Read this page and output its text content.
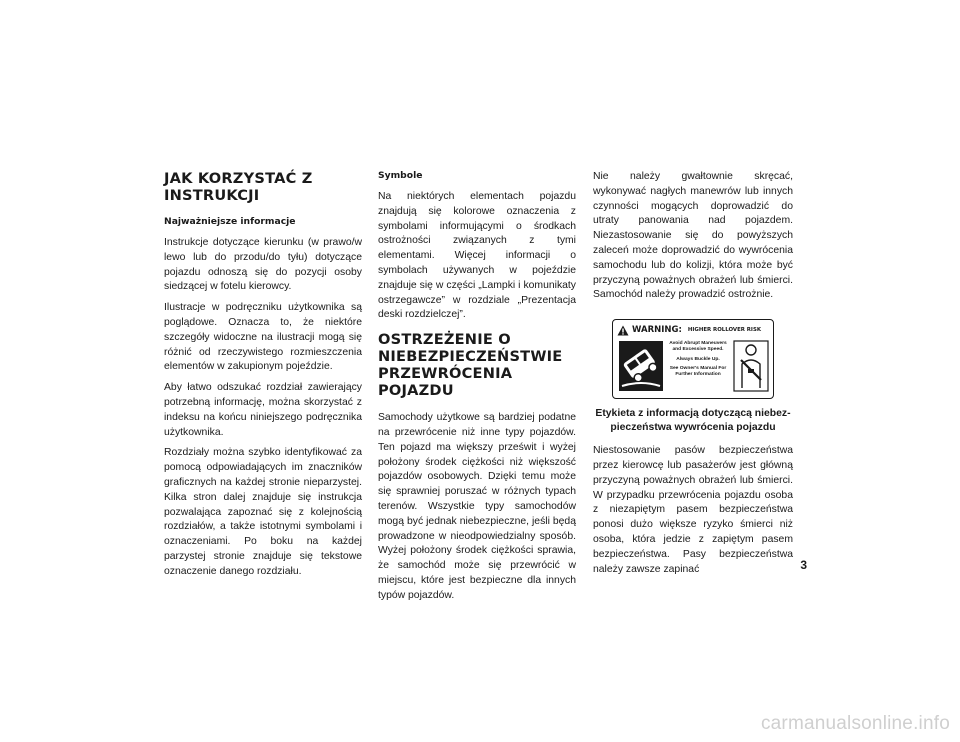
JAK KORZYSTAĆ Z INSTRUKCJI
Najważniejsze informacje

Instrukcje dotyczące kierunku (w prawo/w lewo lub do przodu/do tyłu) dotyczące pojazdu odnoszą się do pozycji osoby siedzącej w fotelu kierowcy.

Ilustracje w podręczniku użytkownika są poglądowe. Oznacza to, że niektóre szczegóły widoczne na ilustracji mogą się różnić od rzeczywistego rozmieszczenia elementów w zakupionym pojeździe.

Aby łatwo odszukać rozdział zawierający potrzebną informację, można skorzystać z indeksu na końcu niniejszego podręcznika użytkownika.

Rozdziały można szybko identyfikować za pomocą odpowiadających im znaczników graficznych na każdej stronie nieparzystej. Kilka stron dalej znajduje się instrukcja pozwalająca zapoznać się z kolejnością rozdziałów, a także istotnymi symbolami i oznaczeniami. Po boku na każdej parzystej stronie znajduje się tekstowe oznaczenie danego rozdziału.

Symbole

Na niektórych elementach pojazdu znajdują się kolorowe oznaczenia z symbolami informującymi o środkach ostrożności związanych z tymi elementami. Więcej informacji o symbolach używanych w pojeździe znajduje się w części „Lampki i komunikaty ostrzegawcze” w rozdziale „Prezentacja deski rozdzielczej”.

OSTRZEŻENIE O NIEBEZPIECZEŃSTWIE PRZEWRÓCENIA POJAZDU

Samochody użytkowe są bardziej podatne na przewrócenie niż inne typy pojazdów. Ten pojazd ma większy prześwit i wyżej położony środek ciężkości niż większość pojazdów osobowych. Dzięki temu może się sprawniej poruszać w różnych typach terenów. Wszystkie typy samochodów mogą być jednak niebezpieczne, jeśli będą prowadzone w nieodpowiedzialny sposób. Wyżej położony środek ciężkości sprawia, że samochód może się przewrócić w miejscu, które jest bezpieczne dla innych typów pojazdów.

Nie należy gwałtownie skręcać, wykonywać nagłych manewrów lub innych czynności mogących doprowadzić do utraty panowania nad pojazdem. Niezastosowanie się do powyższych zaleceń może doprowadzić do wywrócenia samochodu lub do kolizji, która może być przyczyną poważnych obrażeń lub śmierci. Samochód należy prowadzić ostrożnie.

WARNING: HIGHER ROLLOVER RISK
Avoid Abrupt Maneuvers and Excessive Speed.
Always Buckle Up.
See Owner's Manual For Further Information
Etykieta z informacją dotyczącą niebezpieczeństwa wywrócenia pojazdu

Niestosowanie pasów bezpieczeństwa przez kierowcę lub pasażerów jest główną przyczyną poważnych obrażeń lub śmierci. W przypadku przewrócenia pojazdu osoba z niezapiętym pasem bezpieczeństwa ponosi dużo większe ryzyko śmierci niż osoba, która jedzie z zapiętym pasem bezpieczeństwa. Pasy bezpieczeństwa należy zawsze zapinać	3
carmanualsonline.info
